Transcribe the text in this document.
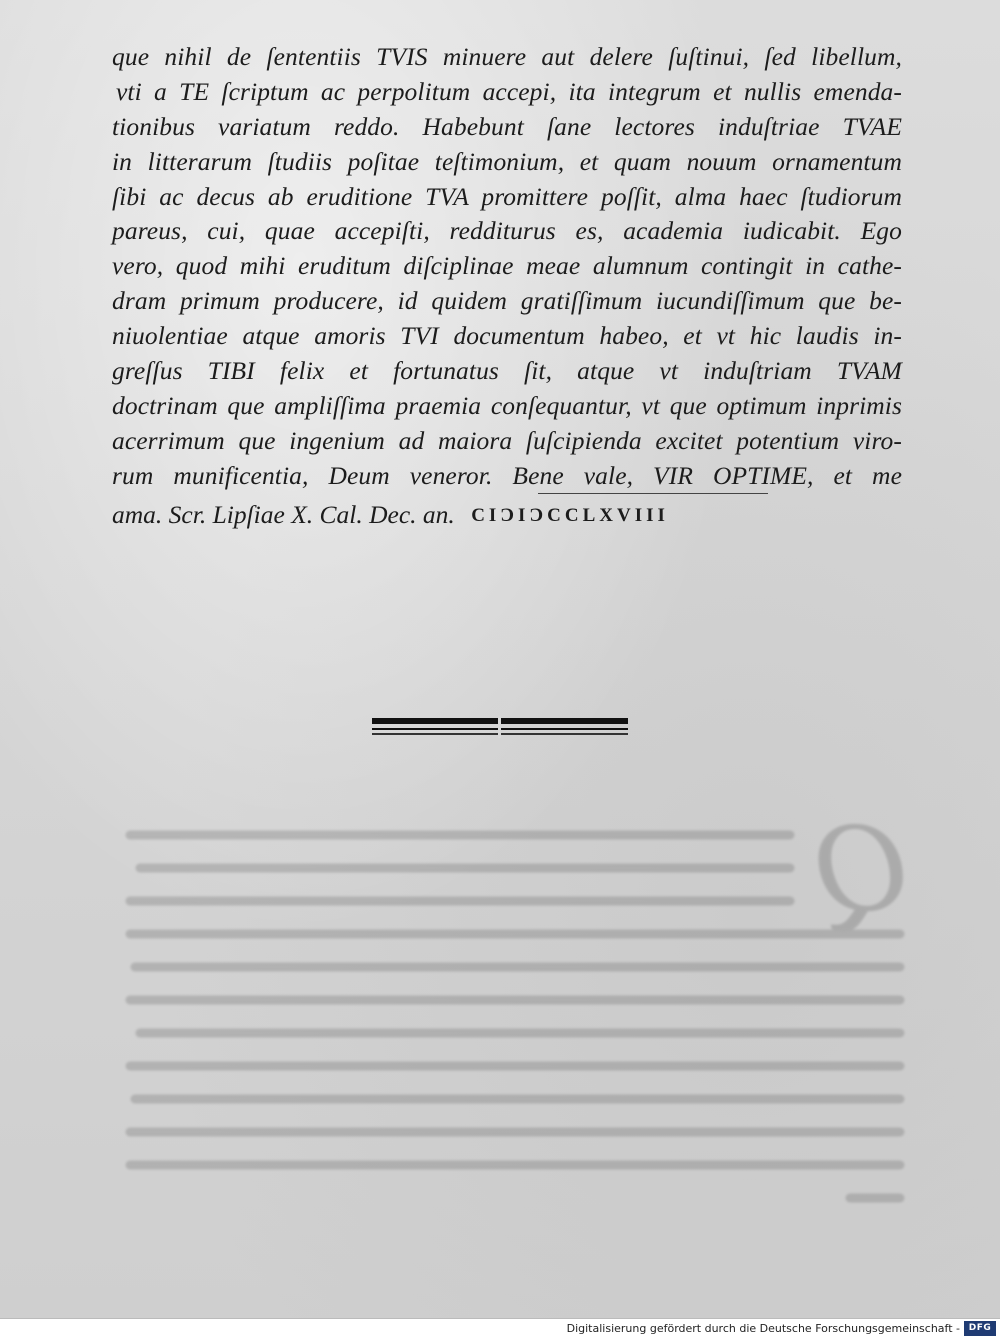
que nihil de ſententiis TVIS minuere aut delere ſuſtinui, ſed libellum,
vti a TE ſcriptum ac perpolitum accepi, ita integrum et nullis emenda-
tionibus variatum reddo. Habebunt ſane lectores induſtriae TVAE
in litterarum ſtudiis poſitae teſtimonium, et quam nouum ornamentum
ſibi ac decus ab eruditione TVA promittere poſſit, alma haec ſtudiorum
pareus, cui, quae accepiſti, redditurus es, academia iudicabit. Ego
vero, quod mihi eruditum diſciplinae meae alumnum contingit in cathe-
dram primum producere, id quidem gratiſſimum iucundiſſimum que be-
niuolentiae atque amoris TVI documentum habeo, et vt hic laudis in-
greſſus TIBI felix et fortunatus ſit, atque vt induſtriam TVAM
doctrinam que ampliſſima praemia conſequantur, vt que optimum inprimis
acerrimum que ingenium ad maiora ſuſcipienda excitet potentium viro-
rum munificentia, Deum veneror. Bene vale, VIR OPTIME, et me
ama. Scr. Lipſiae X. Cal. Dec. an. CIƆIƆCCLXVIII
Q
Digitalisierung gefördert durch die Deutsche Forschungsgemeinschaft - DFG
